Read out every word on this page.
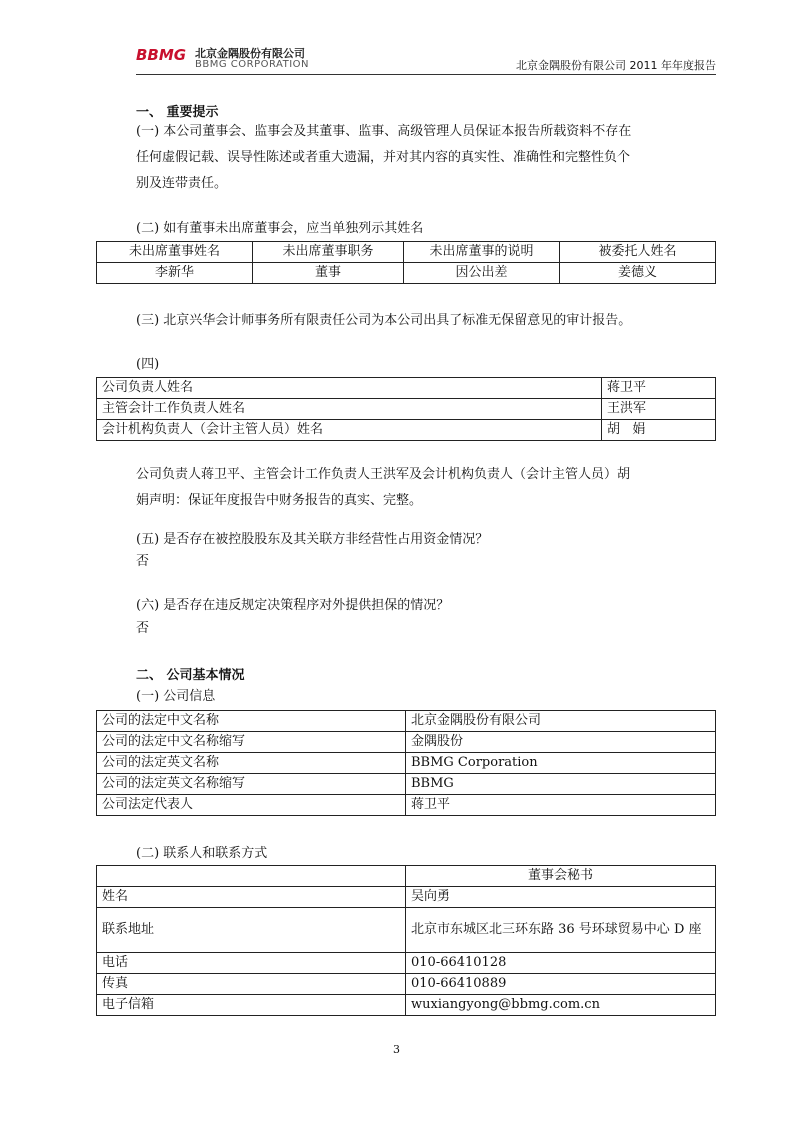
BBMG 北京金隅股份有限公司
BBMG CORPORATION	北京金隅股份有限公司 2011 年年度报告
一、 重要提示
(一) 本公司董事会、监事会及其董事、监事、高级管理人员保证本报告所载资料不存在
任何虚假记载、误导性陈述或者重大遗漏，并对其内容的真实性、准确性和完整性负个
别及连带责任。
(二) 如有董事未出席董事会，应当单独列示其姓名
未出席董事姓名	未出席董事职务	未出席董事的说明	被委托人姓名
李新华	董事	因公出差	姜德义
(三) 北京兴华会计师事务所有限责任公司为本公司出具了标准无保留意见的审计报告。
(四)
公司负责人姓名	蒋卫平
主管会计工作负责人姓名	王洪军
会计机构负责人（会计主管人员）姓名	胡   娟
公司负责人蒋卫平、主管会计工作负责人王洪军及会计机构负责人（会计主管人员）胡
娟声明：保证年度报告中财务报告的真实、完整。
(五) 是否存在被控股股东及其关联方非经营性占用资金情况？
否
(六) 是否存在违反规定决策程序对外提供担保的情况？
否
二、 公司基本情况
(一) 公司信息
公司的法定中文名称	北京金隅股份有限公司
公司的法定中文名称缩写	金隅股份
公司的法定英文名称	BBMG Corporation
公司的法定英文名称缩写	BBMG
公司法定代表人	蒋卫平
(二) 联系人和联系方式
	董事会秘书
姓名	吴向勇
联系地址	北京市东城区北三环东路 36 号环球贸易中心 D 座
电话	010-66410128
传真	010-66410889
电子信箱	wuxiangyong@bbmg.com.cn
3
